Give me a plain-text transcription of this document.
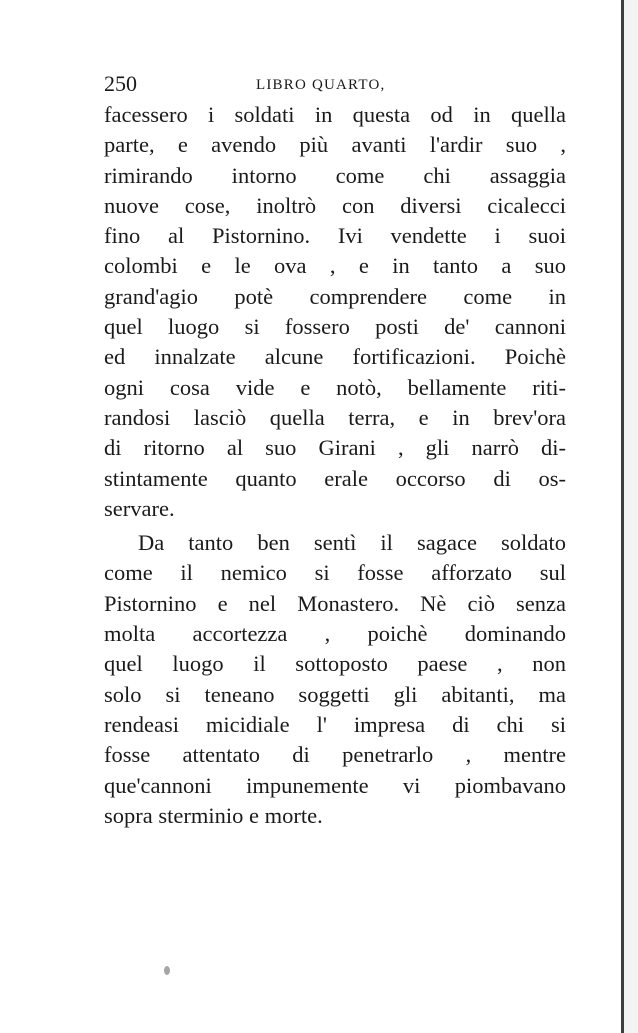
250	LIBRO QUARTO,
facessero i soldati in questa od in quella
parte, e avendo più avanti l'ardir suo ,
rimirando intorno come chi assaggia
nuove cose, inoltrò con diversi cicalecci
fino al Pistornino. Ivi vendette i suoi
colombi e le ova , e in tanto a suo
grand'agio potè comprendere come in
quel luogo si fossero posti de' cannoni
ed innalzate alcune fortificazioni. Poichè
ogni cosa vide e notò, bellamente riti-
randosi lasciò quella terra, e in brev'ora
di ritorno al suo Girani , gli narrò di-
stintamente quanto erale occorso di os-
servare.
Da tanto ben sentì il sagace soldato
come il nemico si fosse afforzato sul
Pistornino e nel Monastero. Nè ciò senza
molta accortezza , poichè dominando
quel luogo il sottoposto paese , non
solo si teneano soggetti gli abitanti, ma
rendeasi micidiale l' impresa di chi si
fosse attentato di penetrarlo , mentre
que'cannoni impunemente vi piombavano
sopra sterminio e morte.
